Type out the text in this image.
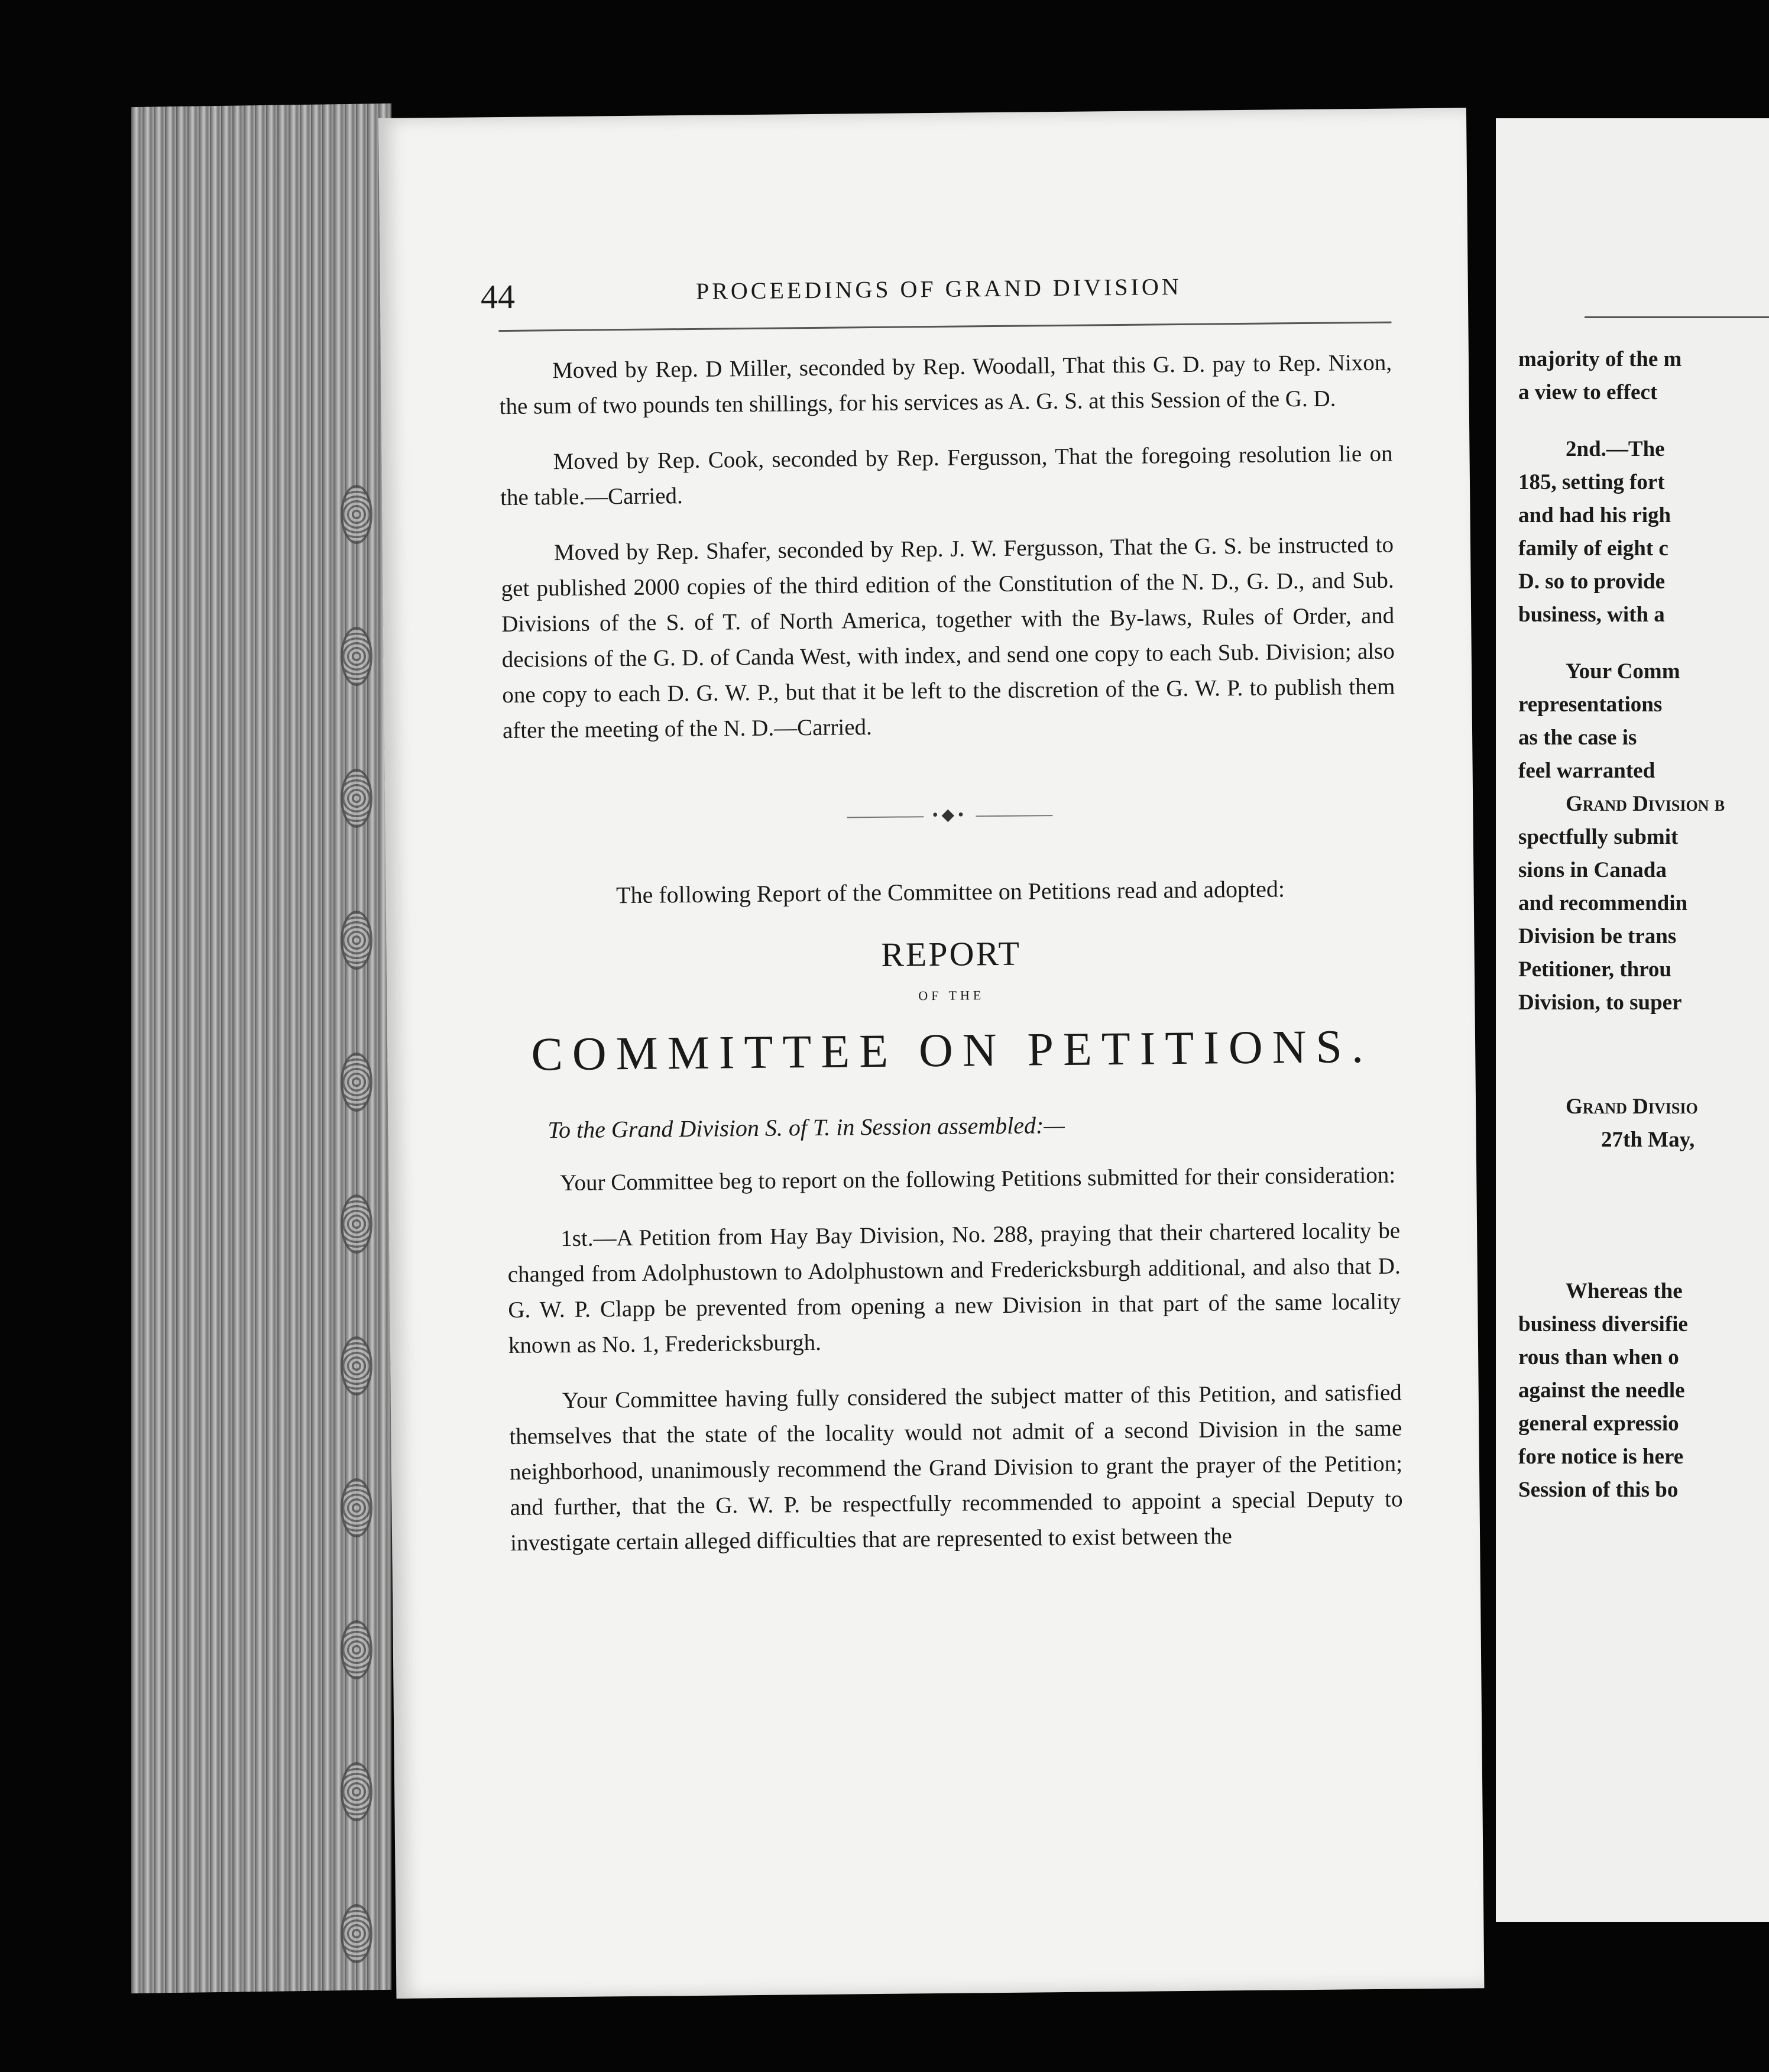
44	PROCEEDINGS OF GRAND DIVISION

Moved by Rep. D Miller, seconded by Rep. Woodall, That this G. D. pay to Rep. Nixon, the sum of two pounds ten shillings, for his services as A. G. S. at this Session of the G. D.

Moved by Rep. Cook, seconded by Rep. Fergusson, That the foregoing resolution lie on the table.—Carried.

Moved by Rep. Shafer, seconded by Rep. J. W. Fergusson, That the G. S. be instructed to get published 2000 copies of the third edition of the Constitution of the N. D., G. D., and Sub. Divisions of the S. of T. of North America, together with the By-laws, Rules of Order, and decisions of the G. D. of Canda West, with index, and send one copy to each Sub. Division; also one copy to each D. G. W. P., but that it be left to the discretion of the G. W. P. to publish them after the meeting of the N. D.—Carried.

•◆•
The following Report of the Committee on Petitions read and adopted:
REPORT
OF THE
COMMITTEE ON PETITIONS.
To the Grand Division S. of T. in Session assembled:—

Your Committee beg to report on the following Petitions submitted for their consideration:

1st.—A Petition from Hay Bay Division, No. 288, praying that their chartered locality be changed from Adolphustown to Adolphustown and Fredericksburgh additional, and also that D. G. W. P. Clapp be prevented from opening a new Division in that part of the same locality known as No. 1, Fredericksburgh.

Your Committee having fully considered the subject matter of this Petition, and satisfied themselves that the state of the locality would not admit of a second Division in the same neighborhood, unanimously recommend the Grand Division to grant the prayer of the Petition; and further, that the G. W. P. be respectfully recommended to appoint a special Deputy to investigate certain alleged difficulties that are represented to exist between the

majority of the m
a view to effect
2nd.—The
185, setting fort
and had his righ
family of eight c
D. so to provide
business, with a
Your Comm
representations
as the case is
feel warranted
Grand Division b
spectfully submit
sions in Canada
and recommendin
Division be trans
Petitioner, throu
Division, to super
Grand Divisio
27th May,
Whereas the
business diversifie
rous than when o
against the needle
general expressio
fore notice is here
Session of this bo
